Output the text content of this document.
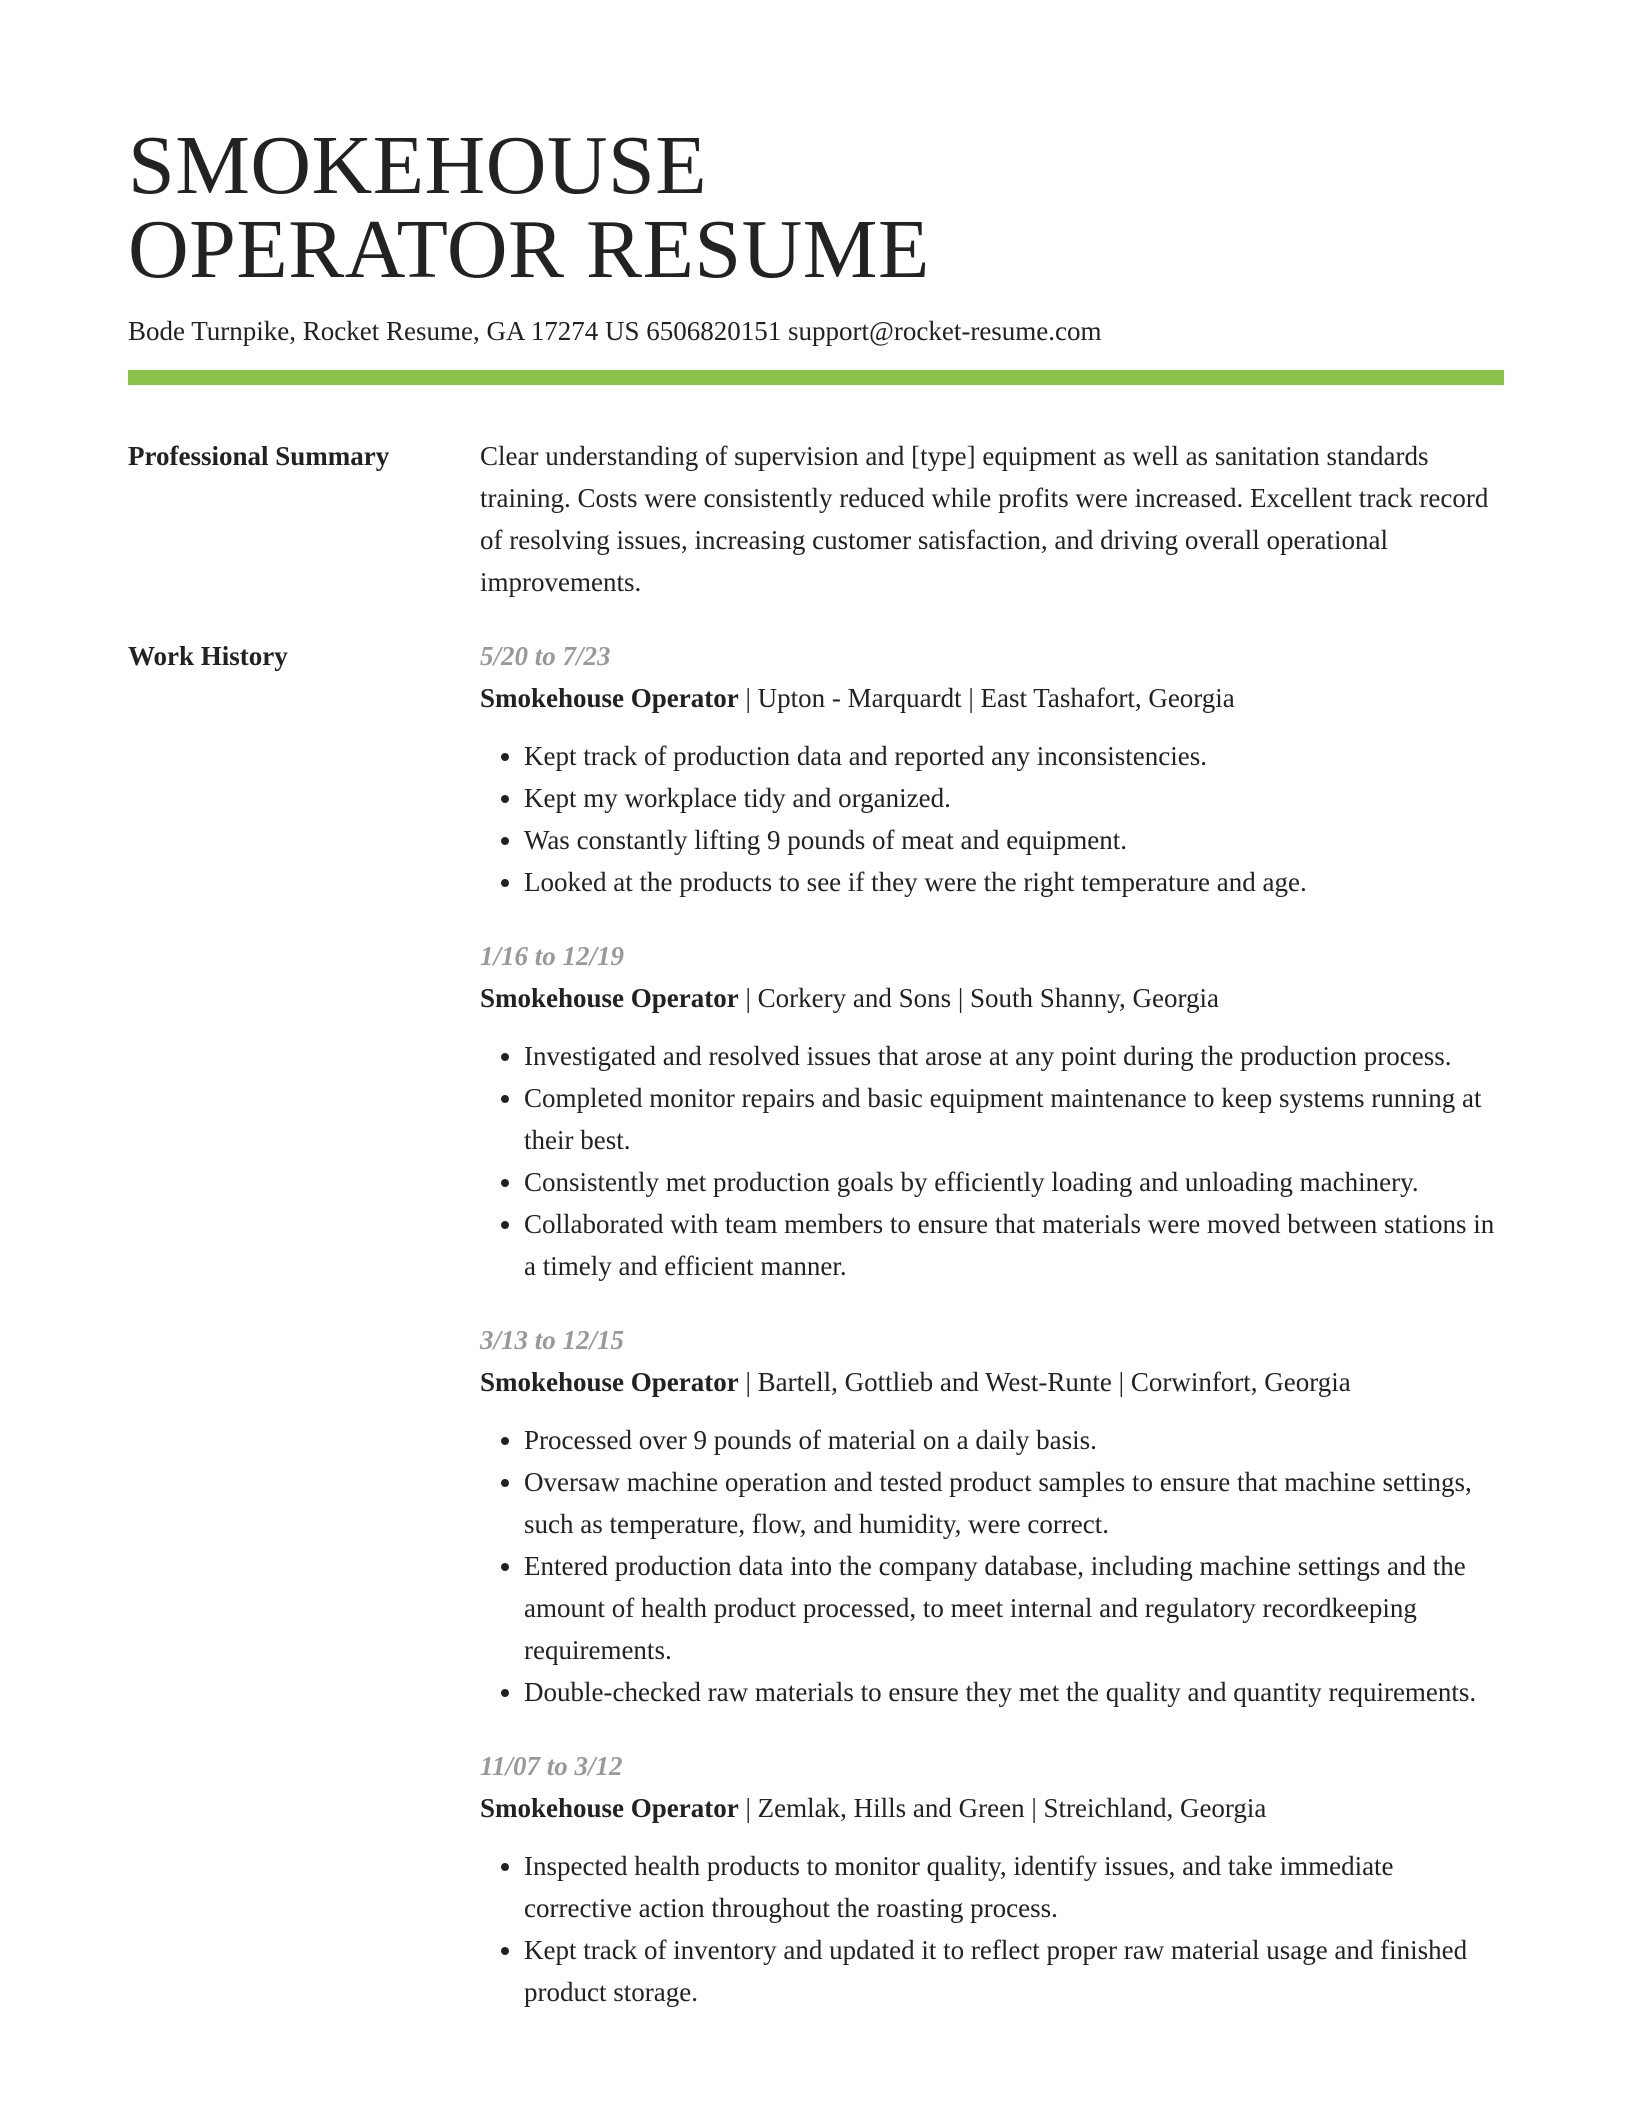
SMOKEHOUSE
OPERATOR RESUME
Bode Turnpike, Rocket Resume, GA 17274 US 6506820151 support@rocket-resume.com
Professional Summary	Clear understanding of supervision and [type] equipment as well as sanitation standards training. Costs were consistently reduced while profits were increased. Excellent track record of resolving issues, increasing customer satisfaction, and driving overall operational improvements.

Work History	5/20 to 7/23
Smokehouse Operator | Upton - Marquardt | East Tashafort, Georgia
• Kept track of production data and reported any inconsistencies.
• Kept my workplace tidy and organized.
• Was constantly lifting 9 pounds of meat and equipment.
• Looked at the products to see if they were the right temperature and age.
1/16 to 12/19
Smokehouse Operator | Corkery and Sons | South Shanny, Georgia
• Investigated and resolved issues that arose at any point during the production process.
• Completed monitor repairs and basic equipment maintenance to keep systems running at their best.
• Consistently met production goals by efficiently loading and unloading machinery.
• Collaborated with team members to ensure that materials were moved between stations in a timely and efficient manner.
3/13 to 12/15
Smokehouse Operator | Bartell, Gottlieb and West-Runte | Corwinfort, Georgia
• Processed over 9 pounds of material on a daily basis.
• Oversaw machine operation and tested product samples to ensure that machine settings, such as temperature, flow, and humidity, were correct.
• Entered production data into the company database, including machine settings and the amount of health product processed, to meet internal and regulatory recordkeeping requirements.
• Double-checked raw materials to ensure they met the quality and quantity requirements.
11/07 to 3/12
Smokehouse Operator | Zemlak, Hills and Green | Streichland, Georgia
• Inspected health products to monitor quality, identify issues, and take immediate corrective action throughout the roasting process.
• Kept track of inventory and updated it to reflect proper raw material usage and finished product storage.
